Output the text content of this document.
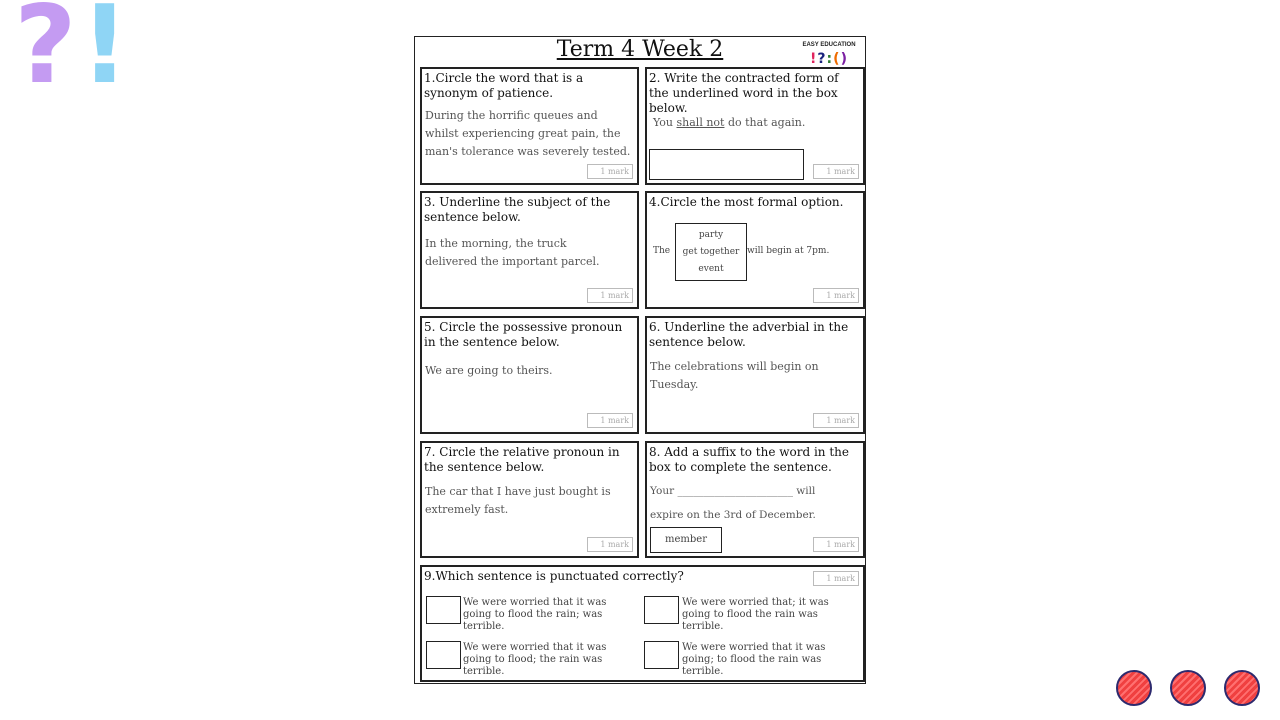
? !	Term 4 Week 2	EASY EDUCATION
!?:()
1.Circle the word that is a synonym of patience.
During the horrific queues and whilst experiencing great pain, the man's tolerance was severely tested.
1 mark
2. Write the contracted form of the underlined word in the box below.
You shall not do that again.
1 mark
3. Underline the subject of the sentence below.
In the morning, the truck delivered the important parcel.
1 mark
4.Circle the most formal option.
The
party
get together
event
will begin at 7pm.
1 mark
5. Circle the possessive pronoun in the sentence below.
We are going to theirs.
1 mark
6. Underline the adverbial in the sentence below.
The celebrations will begin on Tuesday.
1 mark
7. Circle the relative pronoun in the sentence below.
The car that I have just bought is extremely fast.
1 mark
8. Add a suffix to the word in the box to complete the sentence.
Your ______________________ will
expire on the 3rd of December.
member	1 mark
9.Which sentence is punctuated correctly?	1 mark
We were worried that it was going to flood the rain; was terrible.
We were worried that; it was going to flood the rain was terrible.
We were worried that it was going to flood; the rain was terrible.
We were worried that it was going; to flood the rain was terrible.
